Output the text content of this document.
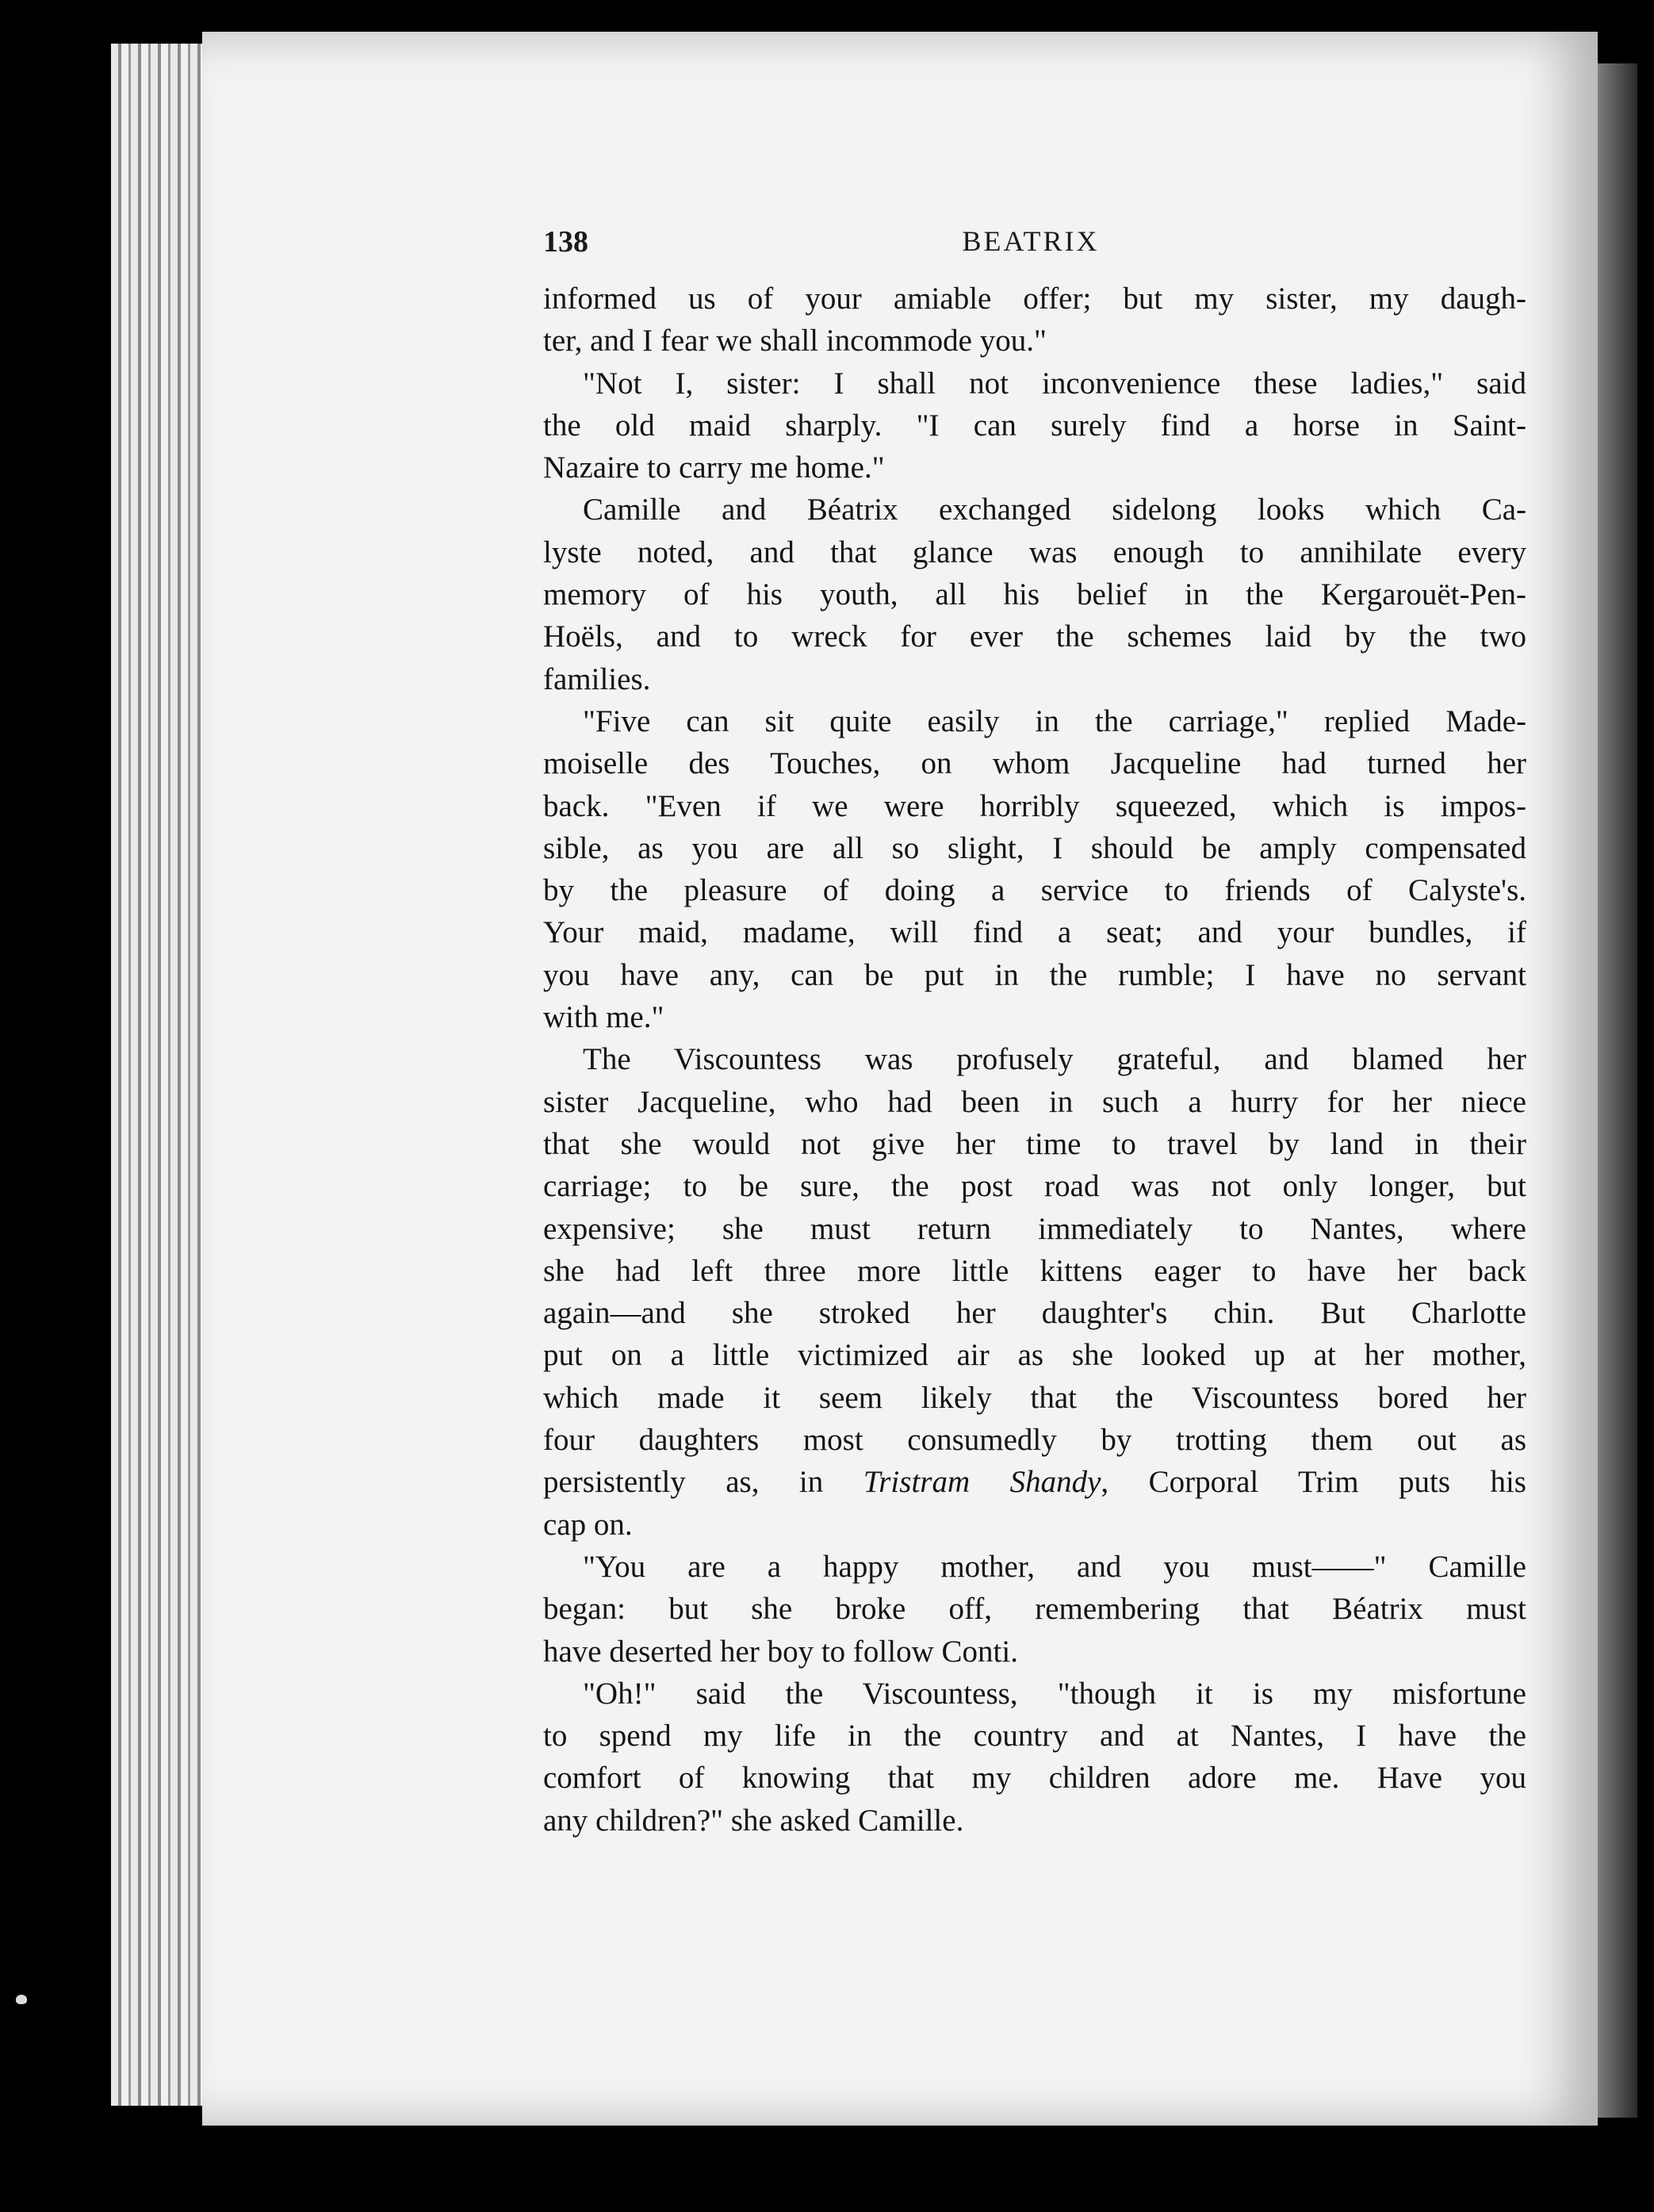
138	BEATRIX
informed us of your amiable offer; but my sister, my daugh-
ter, and I fear we shall incommode you."
"Not I, sister: I shall not inconvenience these ladies," said
the old maid sharply. "I can surely find a horse in Saint-
Nazaire to carry me home."
Camille and Béatrix exchanged sidelong looks which Ca-
lyste noted, and that glance was enough to annihilate every
memory of his youth, all his belief in the Kergarouët-Pen-
Hoëls, and to wreck for ever the schemes laid by the two
families.
"Five can sit quite easily in the carriage," replied Made-
moiselle des Touches, on whom Jacqueline had turned her
back. "Even if we were horribly squeezed, which is impos-
sible, as you are all so slight, I should be amply compensated
by the pleasure of doing a service to friends of Calyste's.
Your maid, madame, will find a seat; and your bundles, if
you have any, can be put in the rumble; I have no servant
with me."
The Viscountess was profusely grateful, and blamed her
sister Jacqueline, who had been in such a hurry for her niece
that she would not give her time to travel by land in their
carriage; to be sure, the post road was not only longer, but
expensive; she must return immediately to Nantes, where
she had left three more little kittens eager to have her back
again—and she stroked her daughter's chin. But Charlotte
put on a little victimized air as she looked up at her mother,
which made it seem likely that the Viscountess bored her
four daughters most consumedly by trotting them out as
persistently as, in Tristram Shandy, Corporal Trim puts his
cap on.
"You are a happy mother, and you must——" Camille
began: but she broke off, remembering that Béatrix must
have deserted her boy to follow Conti.
"Oh!" said the Viscountess, "though it is my misfortune
to spend my life in the country and at Nantes, I have the
comfort of knowing that my children adore me. Have you
any children?" she asked Camille.
